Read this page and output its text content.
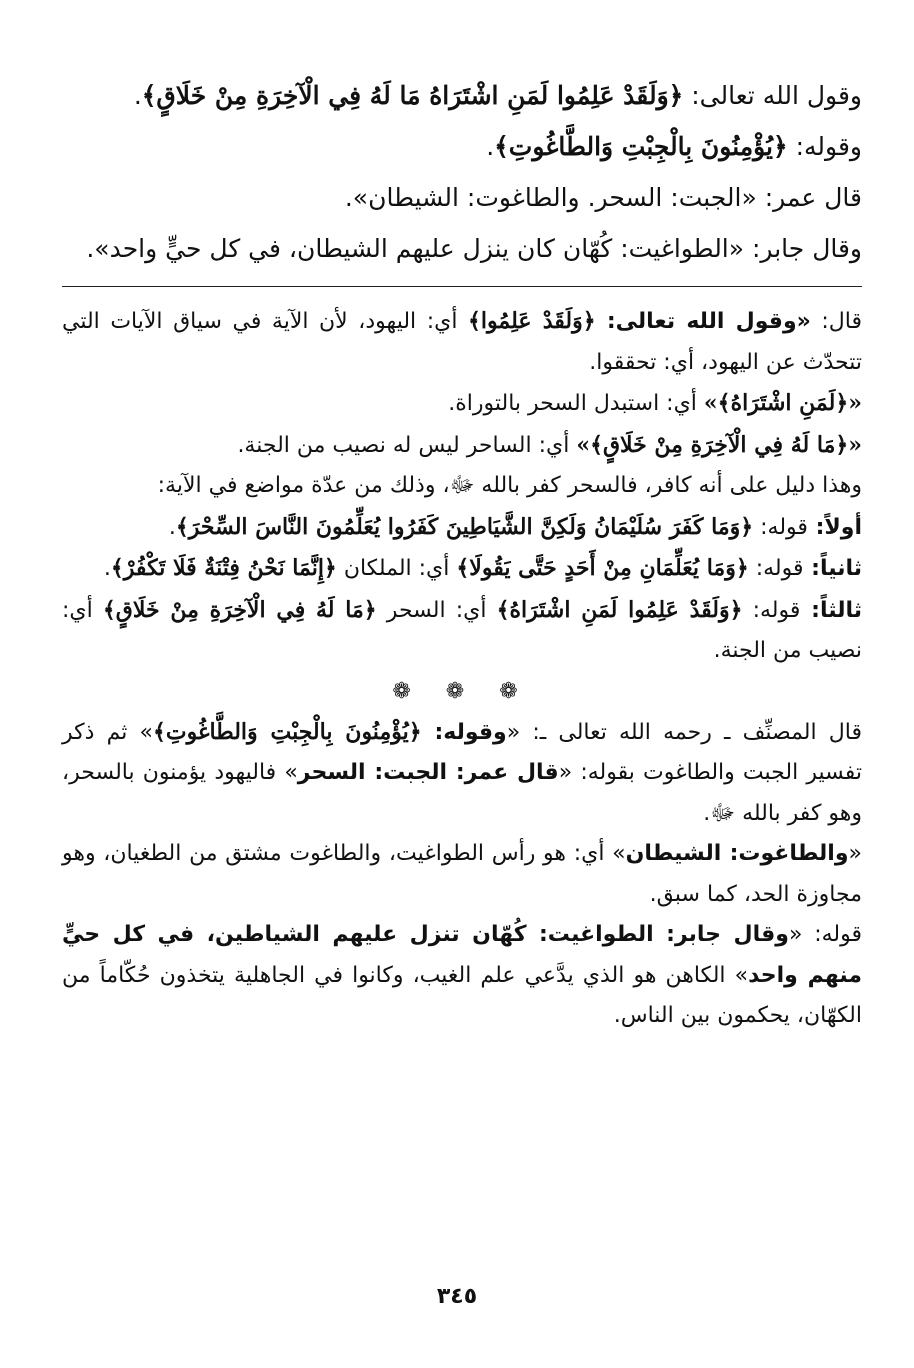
وقول الله تعالى: ﴿وَلَقَدْ عَلِمُوا لَمَنِ اشْتَرَاهُ مَا لَهُ فِي الْآخِرَةِ مِنْ خَلَاقٍ﴾.

وقوله: ﴿يُؤْمِنُونَ بِالْجِبْتِ وَالطَّاغُوتِ﴾.

قال عمر: «الجبت: السحر. والطاغوت: الشيطان».

وقال جابر: «الطواغيت: كُهّان كان ينزل عليهم الشيطان، في كل حيٍّ واحد».

قال: «وقول الله تعالى: ﴿وَلَقَدْ عَلِمُوا﴾ أي: اليهود، لأن الآية في سياق الآيات التي تتحدّث عن اليهود، أي: تحققوا.

«﴿لَمَنِ اشْتَرَاهُ﴾» أي: استبدل السحر بالتوراة.

«﴿مَا لَهُ فِي الْآخِرَةِ مِنْ خَلَاقٍ﴾» أي: الساحر ليس له نصيب من الجنة.

وهذا دليل على أنه كافر، فالسحر كفر بالله ﷻ، وذلك من عدّة مواضع في الآية:

أولاً: قوله: ﴿وَمَا كَفَرَ سُلَيْمَانُ وَلَكِنَّ الشَّيَاطِينَ كَفَرُوا يُعَلِّمُونَ النَّاسَ السِّحْرَ﴾.

ثانياً: قوله: ﴿وَمَا يُعَلِّمَانِ مِنْ أَحَدٍ حَتَّى يَقُولَا﴾ أي: الملكان ﴿إِنَّمَا نَحْنُ فِتْنَةٌ فَلَا تَكْفُرْ﴾.

ثالثاً: قوله: ﴿وَلَقَدْ عَلِمُوا لَمَنِ اشْتَرَاهُ﴾ أي: السحر ﴿مَا لَهُ فِي الْآخِرَةِ مِنْ خَلَاقٍ﴾ أي: نصيب من الجنة.

❁ ❁ ❁

قال المصنِّف ـ رحمه الله تعالى ـ: «وقوله: ﴿يُؤْمِنُونَ بِالْجِبْتِ وَالطَّاغُوتِ﴾» ثم ذكر تفسير الجبت والطاغوت بقوله: «قال عمر: الجبت: السحر» فاليهود يؤمنون بالسحر، وهو كفر بالله ﷻ.

«والطاغوت: الشيطان» أي: هو رأس الطواغيت، والطاغوت مشتق من الطغيان، وهو مجاوزة الحد، كما سبق.

قوله: «وقال جابر: الطواغيت: كُهّان تنزل عليهم الشياطين، في كل حيٍّ منهم واحد» الكاهن هو الذي يدَّعي علم الغيب، وكانوا في الجاهلية يتخذون حُكّاماً من الكهّان، يحكمون بين الناس.

٣٤٥
